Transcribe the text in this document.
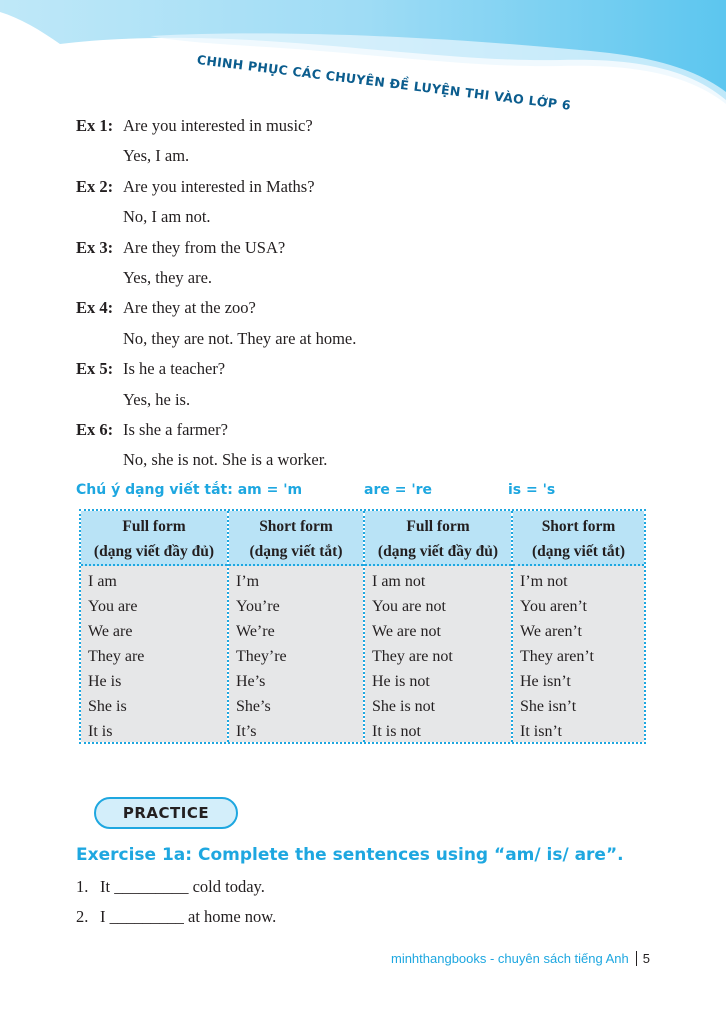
CHINH PHỤC CÁC CHUYÊN ĐỀ LUYỆN THI VÀO LỚP 6
Ex 1: Are you interested in music?
Yes, I am.
Ex 2: Are you interested in Maths?
No, I am not.
Ex 3: Are they from the USA?
Yes, they are.
Ex 4: Are they at the zoo?
No, they are not. They are at home.
Ex 5: Is he a teacher?
Yes, he is.
Ex 6: Is she a farmer?
No, she is not. She is a worker.
Chú ý dạng viết tắt: am = 'm	are = 're	is = 's
Full form
(dạng viết đầy đủ)
I am
You are
We are
They are
He is
She is
It is
Short form
(dạng viết tắt)
I’m
You’re
We’re
They’re
He’s
She’s
It’s
Full form
(dạng viết đầy đủ)
I am not
You are not
We are not
They are not
He is not
She is not
It is not
Short form
(dạng viết tắt)
I’m not
You aren’t
We aren’t
They aren’t
He isn’t
She isn’t
It isn’t
PRACTICE
Exercise 1a: Complete the sentences using “am/ is/ are”.
1. It _________ cold today.
2. I _________ at home now.
minhthangbooks - chuyên sách tiếng Anh 5
